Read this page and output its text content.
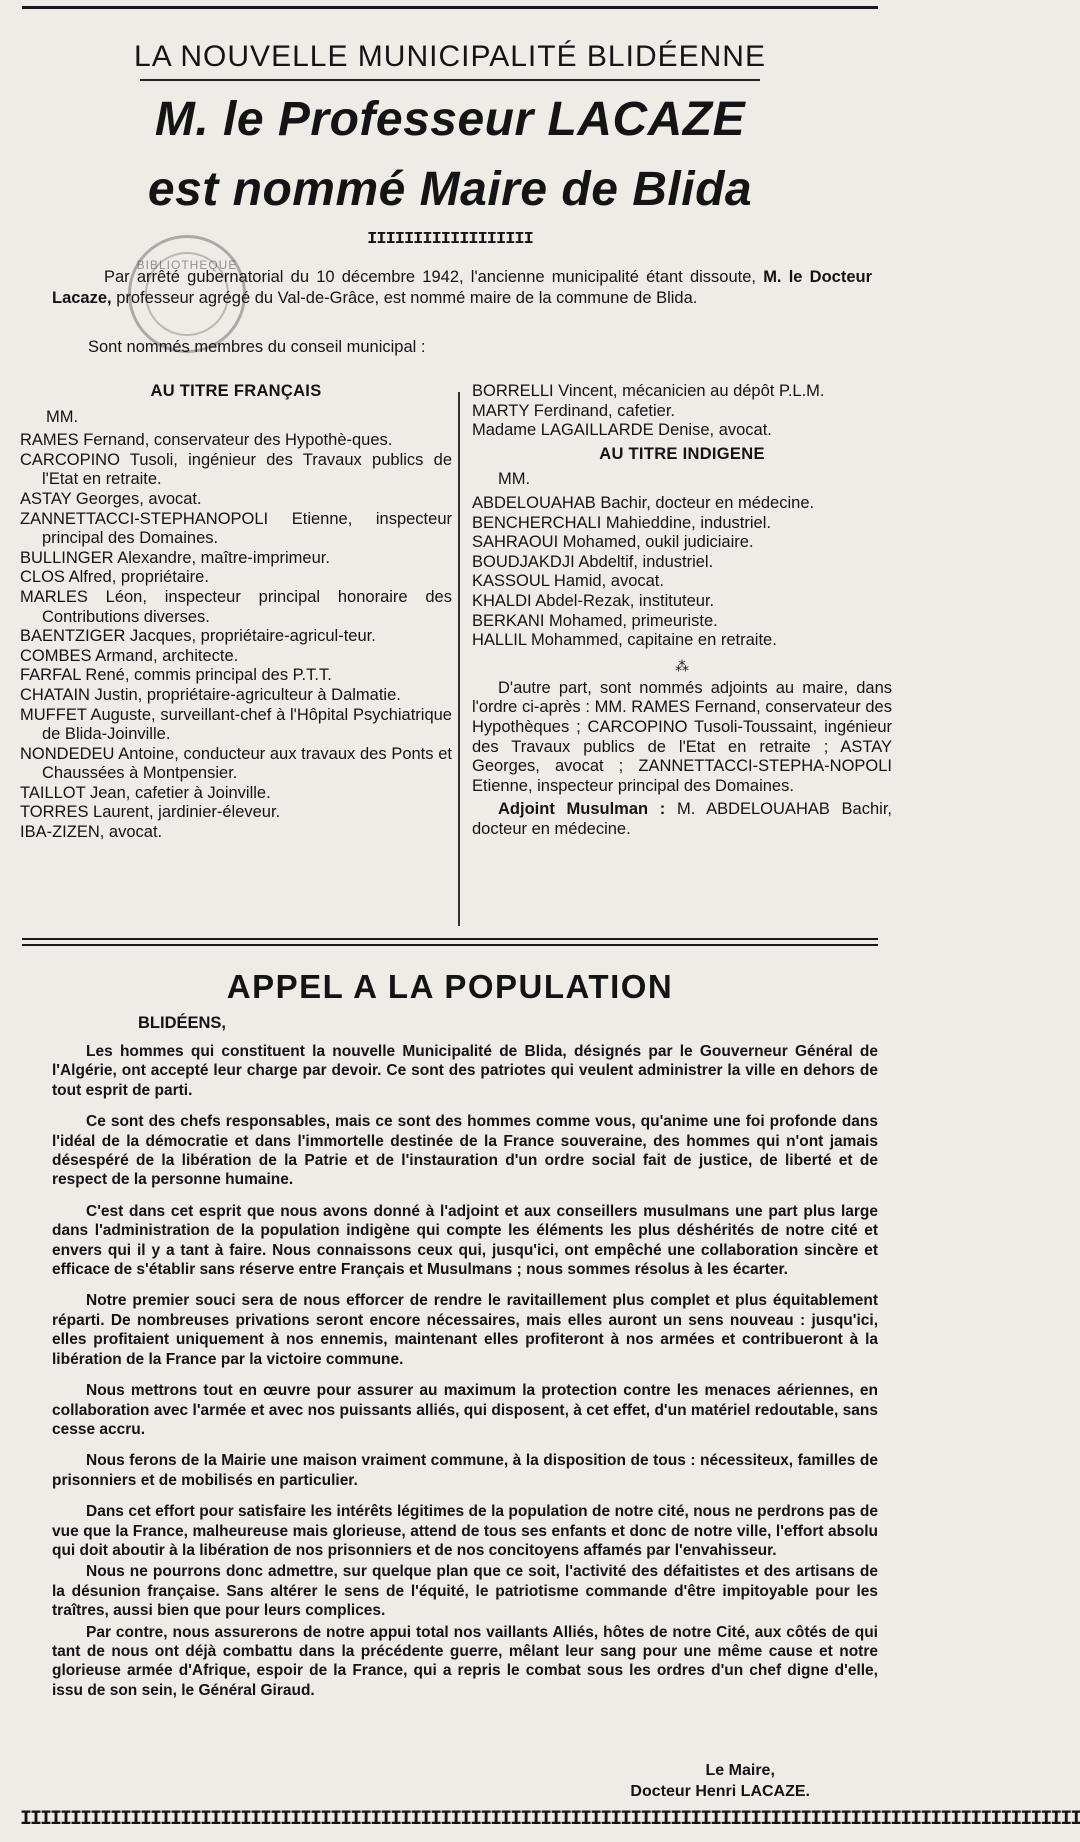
LA NOUVELLE MUNICIPALITÉ BLIDÉENNE
M. le Professeur LACAZE
est nommé Maire de Blida
IIIIIIIIIIIIIIIIII
BIBLIOTHEQUE
Par arrêté gubernatorial du 10 décembre 1942, l'ancienne municipalité étant dissoute, M. le Docteur Lacaze, professeur agrégé du Val-de-Grâce, est nommé maire de la commune de Blida.
Sont nommés membres du conseil municipal :
AU TITRE FRANÇAIS
MM.
RAMES Fernand, conservateur des Hypothè-ques.
CARCOPINO Tusoli, ingénieur des Travaux publics de l'Etat en retraite.
ASTAY Georges, avocat.
ZANNETTACCI-STEPHANOPOLI Etienne, inspecteur principal des Domaines.
BULLINGER Alexandre, maître-imprimeur.
CLOS Alfred, propriétaire.
MARLES Léon, inspecteur principal honoraire des Contributions diverses.
BAENTZIGER Jacques, propriétaire-agricul-teur.
COMBES Armand, architecte.
FARFAL René, commis principal des P.T.T.
CHATAIN Justin, propriétaire-agriculteur à Dalmatie.
MUFFET Auguste, surveillant-chef à l'Hôpital Psychiatrique de Blida-Joinville.
NONDEDEU Antoine, conducteur aux travaux des Ponts et Chaussées à Montpensier.
TAILLOT Jean, cafetier à Joinville.
TORRES Laurent, jardinier-éleveur.
IBA-ZIZEN, avocat.
BORRELLI Vincent, mécanicien au dépôt P.L.M.
MARTY Ferdinand, cafetier.
Madame LAGAILLARDE Denise, avocat.
AU TITRE INDIGENE
MM.
ABDELOUAHAB Bachir, docteur en médecine.
BENCHERCHALI Mahieddine, industriel.
SAHRAOUI Mohamed, oukil judiciaire.
BOUDJAKDJI Abdeltif, industriel.
KASSOUL Hamid, avocat.
KHALDI Abdel-Rezak, instituteur.
BERKANI Mohamed, primeuriste.
HALLIL Mohammed, capitaine en retraite.
⁂
D'autre part, sont nommés adjoints au maire, dans l'ordre ci-après : MM. RAMES Fernand, conservateur des Hypothèques ; CARCOPINO Tusoli-Toussaint, ingénieur des Travaux publics de l'Etat en retraite ; ASTAY Georges, avocat ; ZANNETTACCI-STEPHA-NOPOLI Etienne, inspecteur principal des Domaines.
Adjoint Musulman : M. ABDELOUAHAB Bachir, docteur en médecine.
APPEL A LA POPULATION
BLIDÉENS,

Les hommes qui constituent la nouvelle Municipalité de Blida, désignés par le Gouverneur Général de l'Algérie, ont accepté leur charge par devoir. Ce sont des patriotes qui veulent administrer la ville en dehors de tout esprit de parti.

Ce sont des chefs responsables, mais ce sont des hommes comme vous, qu'anime une foi profonde dans l'idéal de la démocratie et dans l'immortelle destinée de la France souveraine, des hommes qui n'ont jamais désespéré de la libération de la Patrie et de l'instauration d'un ordre social fait de justice, de liberté et de respect de la personne humaine.

C'est dans cet esprit que nous avons donné à l'adjoint et aux conseillers musulmans une part plus large dans l'administration de la population indigène qui compte les éléments les plus déshérités de notre cité et envers qui il y a tant à faire. Nous connaissons ceux qui, jusqu'ici, ont empêché une collaboration sincère et efficace de s'établir sans réserve entre Français et Musulmans ; nous sommes résolus à les écarter.

Notre premier souci sera de nous efforcer de rendre le ravitaillement plus complet et plus équitablement réparti. De nombreuses privations seront encore nécessaires, mais elles auront un sens nouveau : jusqu'ici, elles profitaient uniquement à nos ennemis, maintenant elles profiteront à nos armées et contribueront à la libération de la France par la victoire commune.

Nous mettrons tout en œuvre pour assurer au maximum la protection contre les menaces aériennes, en collaboration avec l'armée et avec nos puissants alliés, qui disposent, à cet effet, d'un matériel redoutable, sans cesse accru.

Nous ferons de la Mairie une maison vraiment commune, à la disposition de tous : nécessiteux, familles de prisonniers et de mobilisés en particulier.

Dans cet effort pour satisfaire les intérêts légitimes de la population de notre cité, nous ne perdrons pas de vue que la France, malheureuse mais glorieuse, attend de tous ses enfants et donc de notre ville, l'effort absolu qui doit aboutir à la libération de nos prisonniers et de nos concitoyens affamés par l'envahisseur.

Nous ne pourrons donc admettre, sur quelque plan que ce soit, l'activité des défaitistes et des artisans de la désunion française. Sans altérer le sens de l'équité, le patriotisme commande d'être impitoyable pour les traîtres, aussi bien que pour leurs complices.

Par contre, nous assurerons de notre appui total nos vaillants Alliés, hôtes de notre Cité, aux côtés de qui tant de nous ont déjà combattu dans la précédente guerre, mêlant leur sang pour une même cause et notre glorieuse armée d'Afrique, espoir de la France, qui a repris le combat sous les ordres d'un chef digne d'elle, issu de son sein, le Général Giraud.

Le Maire,
Docteur Henri LACAZE.
IIIIIIIIIIIIIIIIIIIIIIIIIIIIIIIIIIIIIIIIIIIIIIIIIIIIIIIIIIIIIIIIIIIIIIIIIIIIIIIIIIIIIIIIIIIIIIIIIIIIIIIIII
